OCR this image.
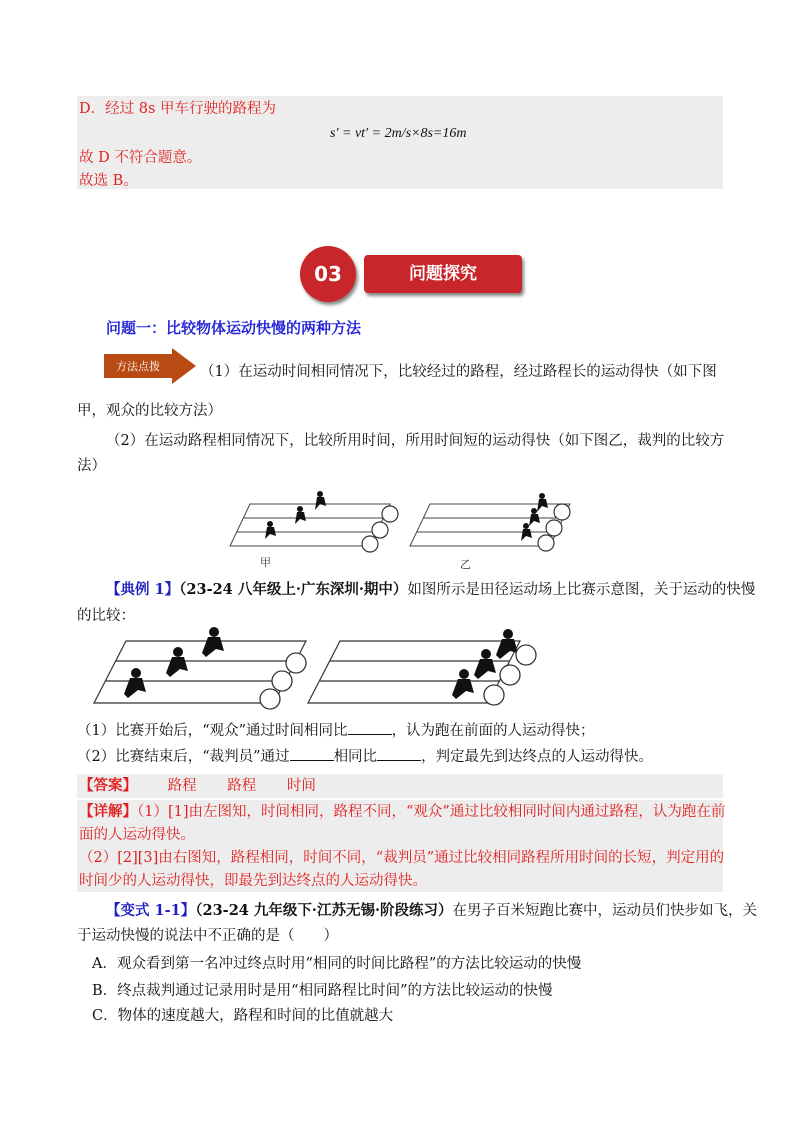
D．经过 8s 甲车行驶的路程为
s′ = vt′ = 2m/s×8s=16m
故 D 不符合题意。
故选 B。
03	问题探究
问题一：比较物体运动快慢的两种方法
方法点拨	（1）在运动时间相同情况下，比较经过的路程，经过路程长的运动得快（如下图
甲，观众的比较方法）
（2）在运动路程相同情况下，比较所用时间，所用时间短的运动得快（如下图乙，裁判的比较方
法）
甲	乙
【典例 1】（23-24 八年级上·广东深圳·期中）如图所示是田径运动场上比赛示意图，关于运动的快慢
的比较：
（1）比赛开始后，“观众”通过时间相同比	，认为跑在前面的人运动得快；
（2）比赛结束后，“裁判员”通过	相同比	，判定最先到达终点的人运动得快。
【答案】 路程 路程 时间
【详解】（1）[1]由左图知，时间相同，路程不同，“观众”通过比较相同时间内通过路程，认为跑在前
面的人运动得快。
（2）[2][3]由右图知，路程相同，时间不同，“裁判员”通过比较相同路程所用时间的长短，判定用的
时间少的人运动得快，即最先到达终点的人运动得快。
【变式 1-1】（23-24 九年级下·江苏无锡·阶段练习）在男子百米短跑比赛中，运动员们快步如飞，关
于运动快慢的说法中不正确的是（　　）
A．观众看到第一名冲过终点时用“相同的时间比路程”的方法比较运动的快慢
B．终点裁判通过记录用时是用“相同路程比时间”的方法比较运动的快慢
C．物体的速度越大，路程和时间的比值就越大
